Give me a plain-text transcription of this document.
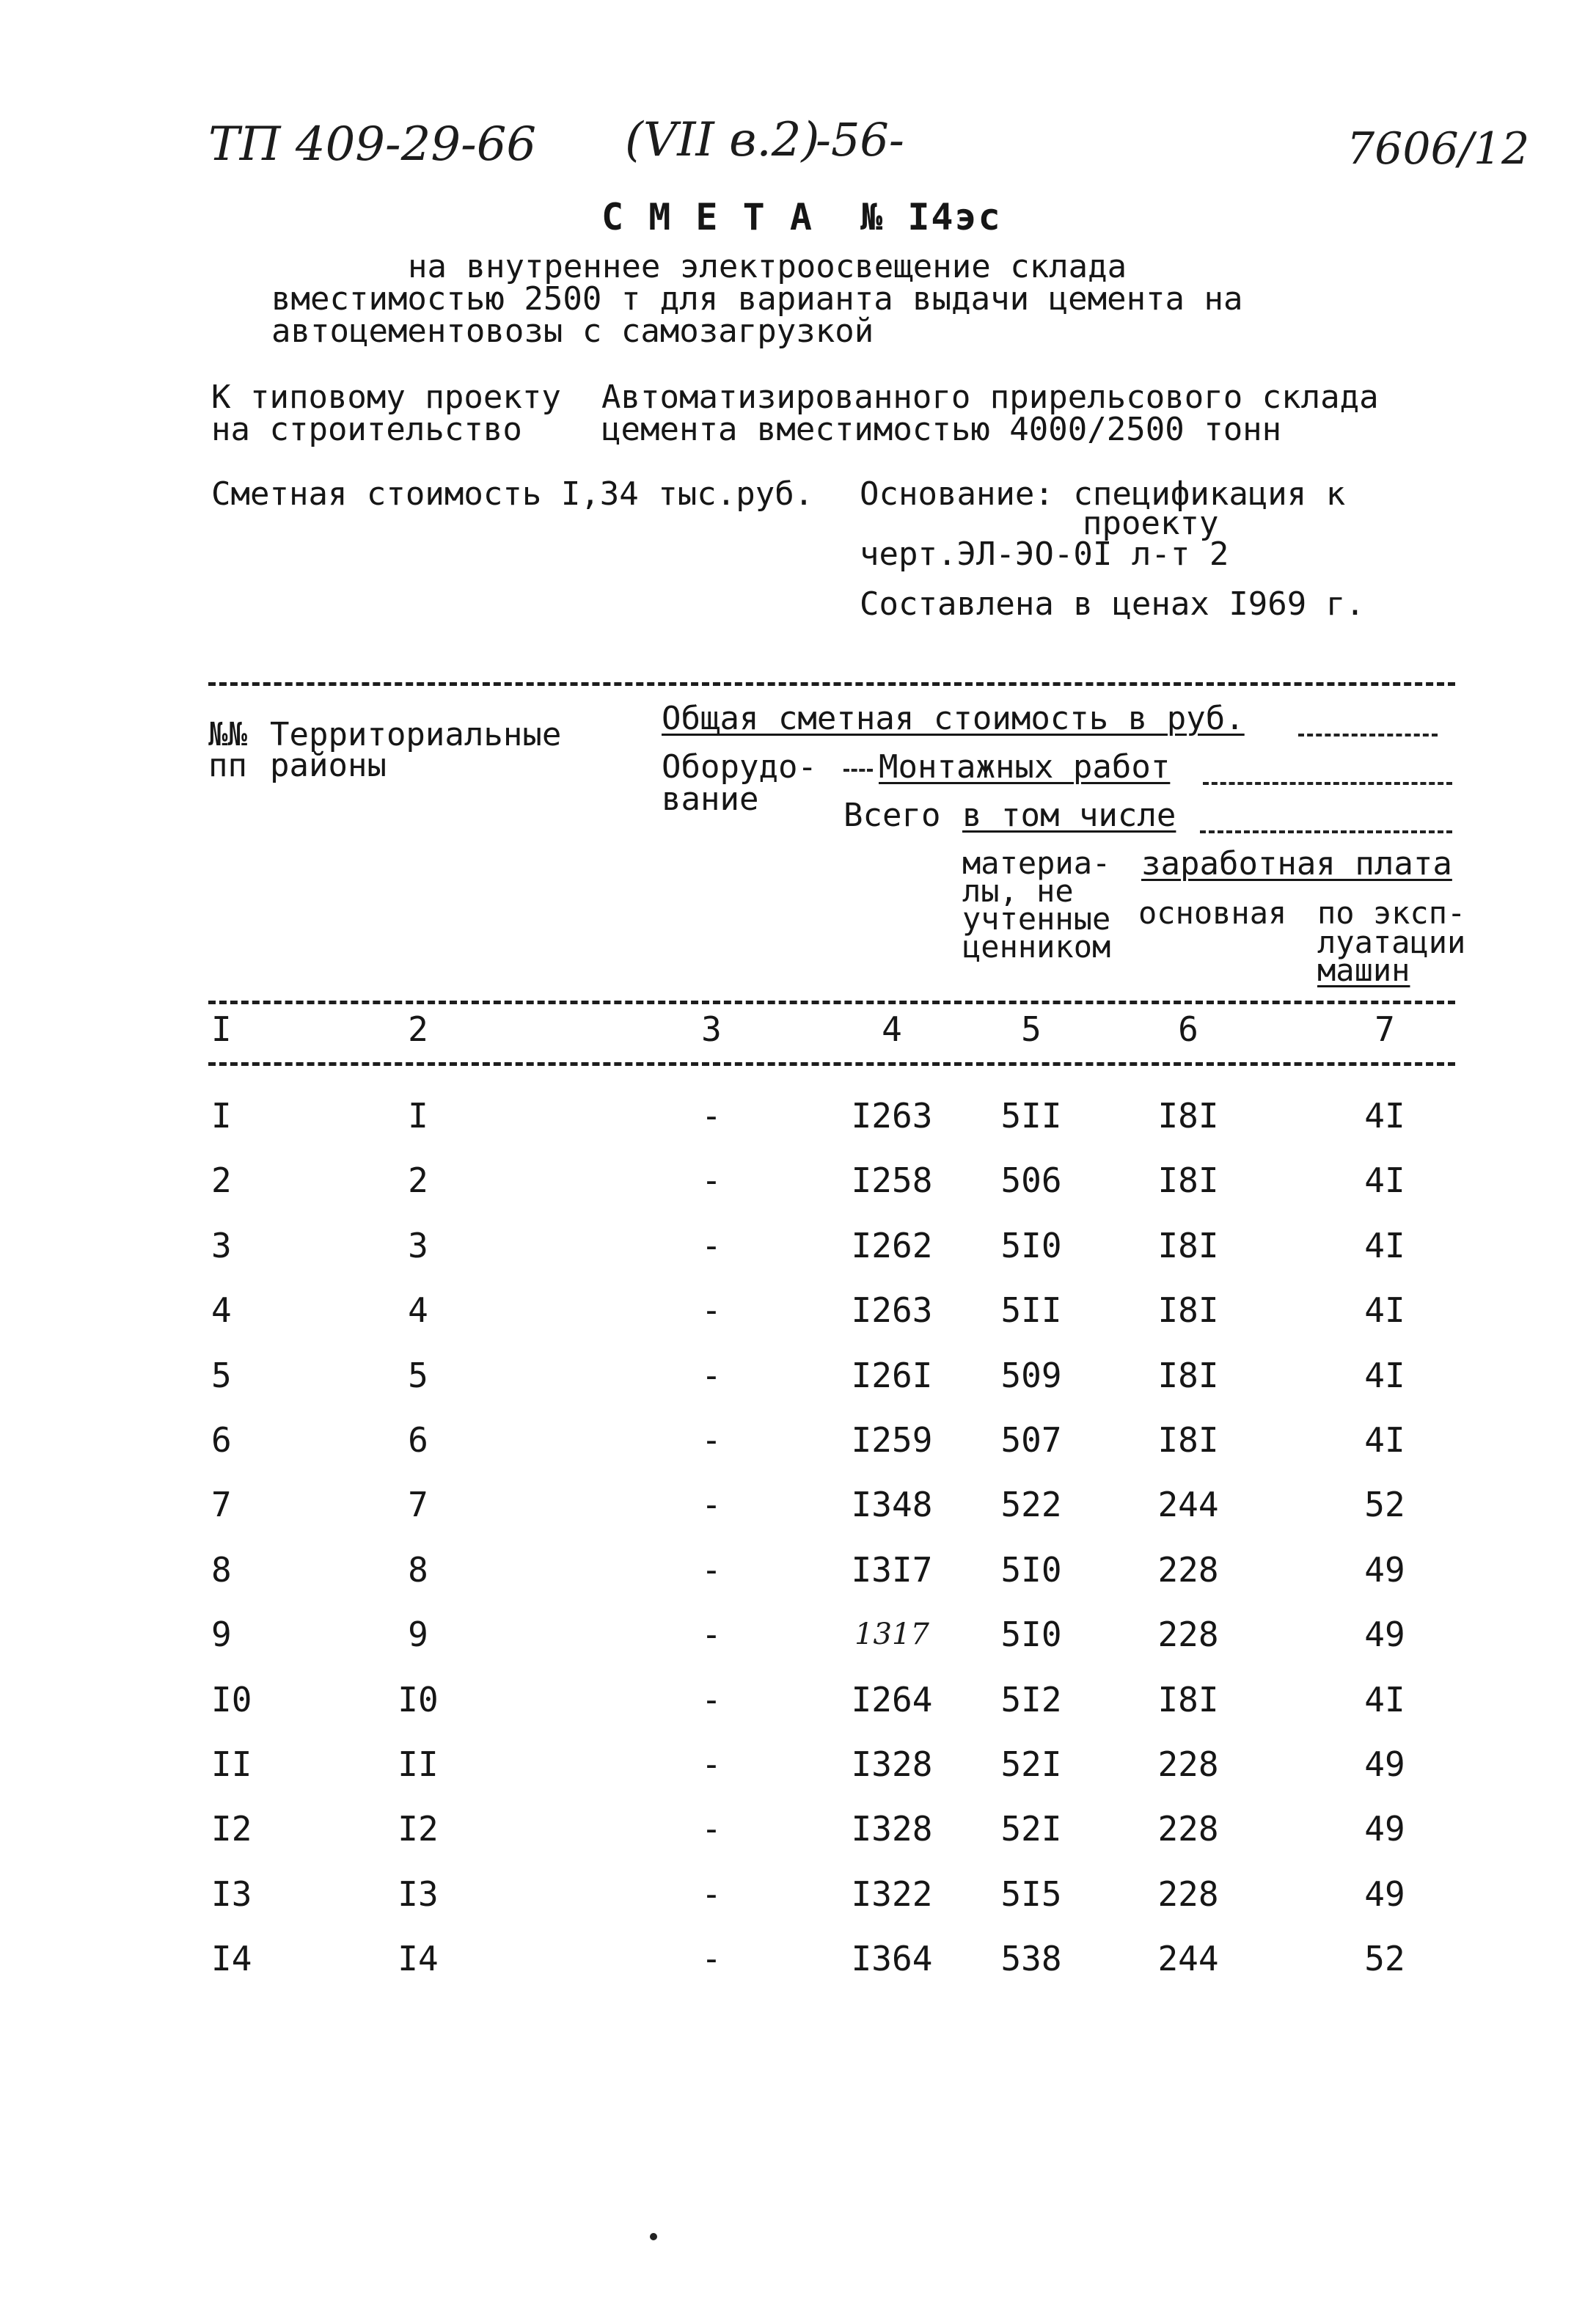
ТП 409-29-66 (VII в.2)
-56-	7606/12
С М Е Т А  № I4эс
на внутреннее электроосвещение склада
вместимостью 2500 т для варианта выдачи цемента на
автоцементовозы с самозагрузкой
К типовому проекту
на строительство
Автоматизированного прирельсового склада
цемента вместимостью 4000/2500 тонн
Сметная стоимость I,34 тыс.руб. Основание: спецификация к
проекту
черт.ЭЛ-ЭО-0I л-т 2
Составлена в ценах I969 г.
№№
пп
Территориальные
районы
Общая сметная стоимость в руб.
Оборудо-
вание
Монтажных работ
Всего в том числе
материа-
лы, не
учтенные
ценником
заработная плата
основная по эксп-
луатации
машин
I	2	3	4	5	6	7
I	I	-	I263	5II	I8I	4I
2	2	-	I258	506	I8I	4I
3	3	-	I262	5I0	I8I	4I
4	4	-	I263	5II	I8I	4I
5	5	-	I26I	509	I8I	4I
6	6	-	I259	507	I8I	4I
7	7	-	I348	522	244	52
8	8	-	I3I7	5I0	228	49
9	9	-	1317	5I0	228	49
I0	I0	-	I264	5I2	I8I	4I
II	II	-	I328	52I	228	49
I2	I2	-	I328	52I	228	49
I3	I3	-	I322	5I5	228	49
I4	I4	-	I364	538	244	52
